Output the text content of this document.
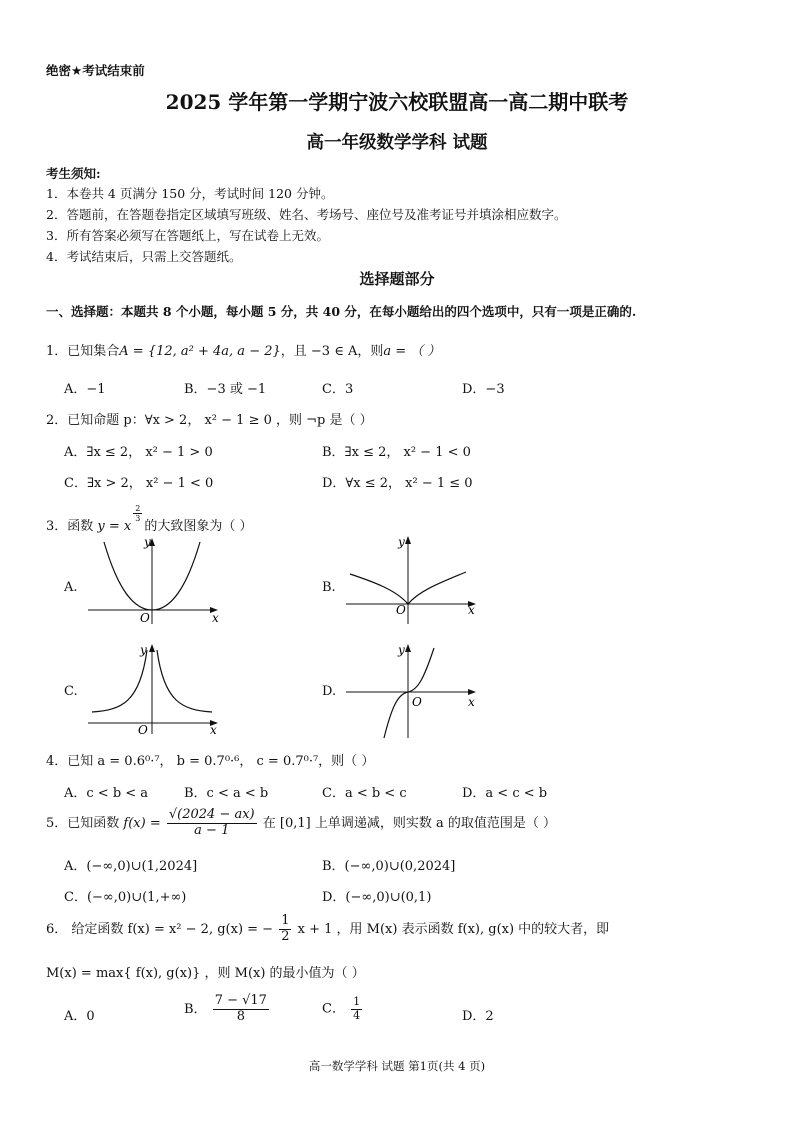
绝密★考试结束前
2025 学年第一学期宁波六校联盟高一高二期中联考
高一年级数学学科 试题
考生须知:
1．本卷共 4 页满分 150 分，考试时间 120 分钟。
2．答题前，在答题卷指定区域填写班级、姓名、考场号、座位号及准考证号并填涂相应数字。
3．所有答案必须写在答题纸上，写在试卷上无效。
4．考试结束后，只需上交答题纸。
选择题部分
一、选择题：本题共 8 个小题，每小题 5 分，共 40 分，在每小题给出的四个选项中，只有一项是正确的.
1．已知集合A = {12, a² + 4a, a − 2}，且 −3 ∈ A，则a = （ ）
A．−1	B．−3 或 −1	C．3	D．−3
2．已知命题 p：∀x > 2， x² − 1 ≥ 0 ，则 ¬p 是（ ）
A．∃x ≤ 2， x² − 1 > 0	B．∃x ≤ 2， x² − 1 < 0
C．∃x > 2， x² − 1 < 0	D．∀x ≤ 2， x² − 1 ≤ 0
3．函数 y = x
$^{\frac{2}{3}}$
的大致图象为（ ）
A.	B.
C.	D.
y
x
O
y
x
O
y
x
O
y
x
O
4．已知 a = 0.6⁰·⁷， b = 0.7⁰·⁶， c = 0.7⁰·⁷，则（ ）
A．c < b < a	B．c < a < b	C．a < b < c	D．a < c < b
5．已知函数 $f(x) = \frac{√(2024 - ax)}{a - 1}$ 在 [0,1] 上单调递减，则实数 a 的取值范围是（ ）
A．(−∞,0)∪(1,2024]	B．(−∞,0)∪(0,2024]
C．(−∞,0)∪(1,+∞)	D．(−∞,0)∪(0,1)
6． 给定函数 f(x) = x² − 2, g(x) = − $\frac{1}{2}$ x + 1 ，用 M(x) 表示函数 f(x), g(x) 中的较大者，即
M(x) = max{ f(x), g(x)} ，则 M(x) 的最小值为（ ）
A．0	B． $\frac{7 - √17}{8}$	C． $\frac{1}{4}$	D．2
高一数学学科 试题 第1页(共 4 页)
